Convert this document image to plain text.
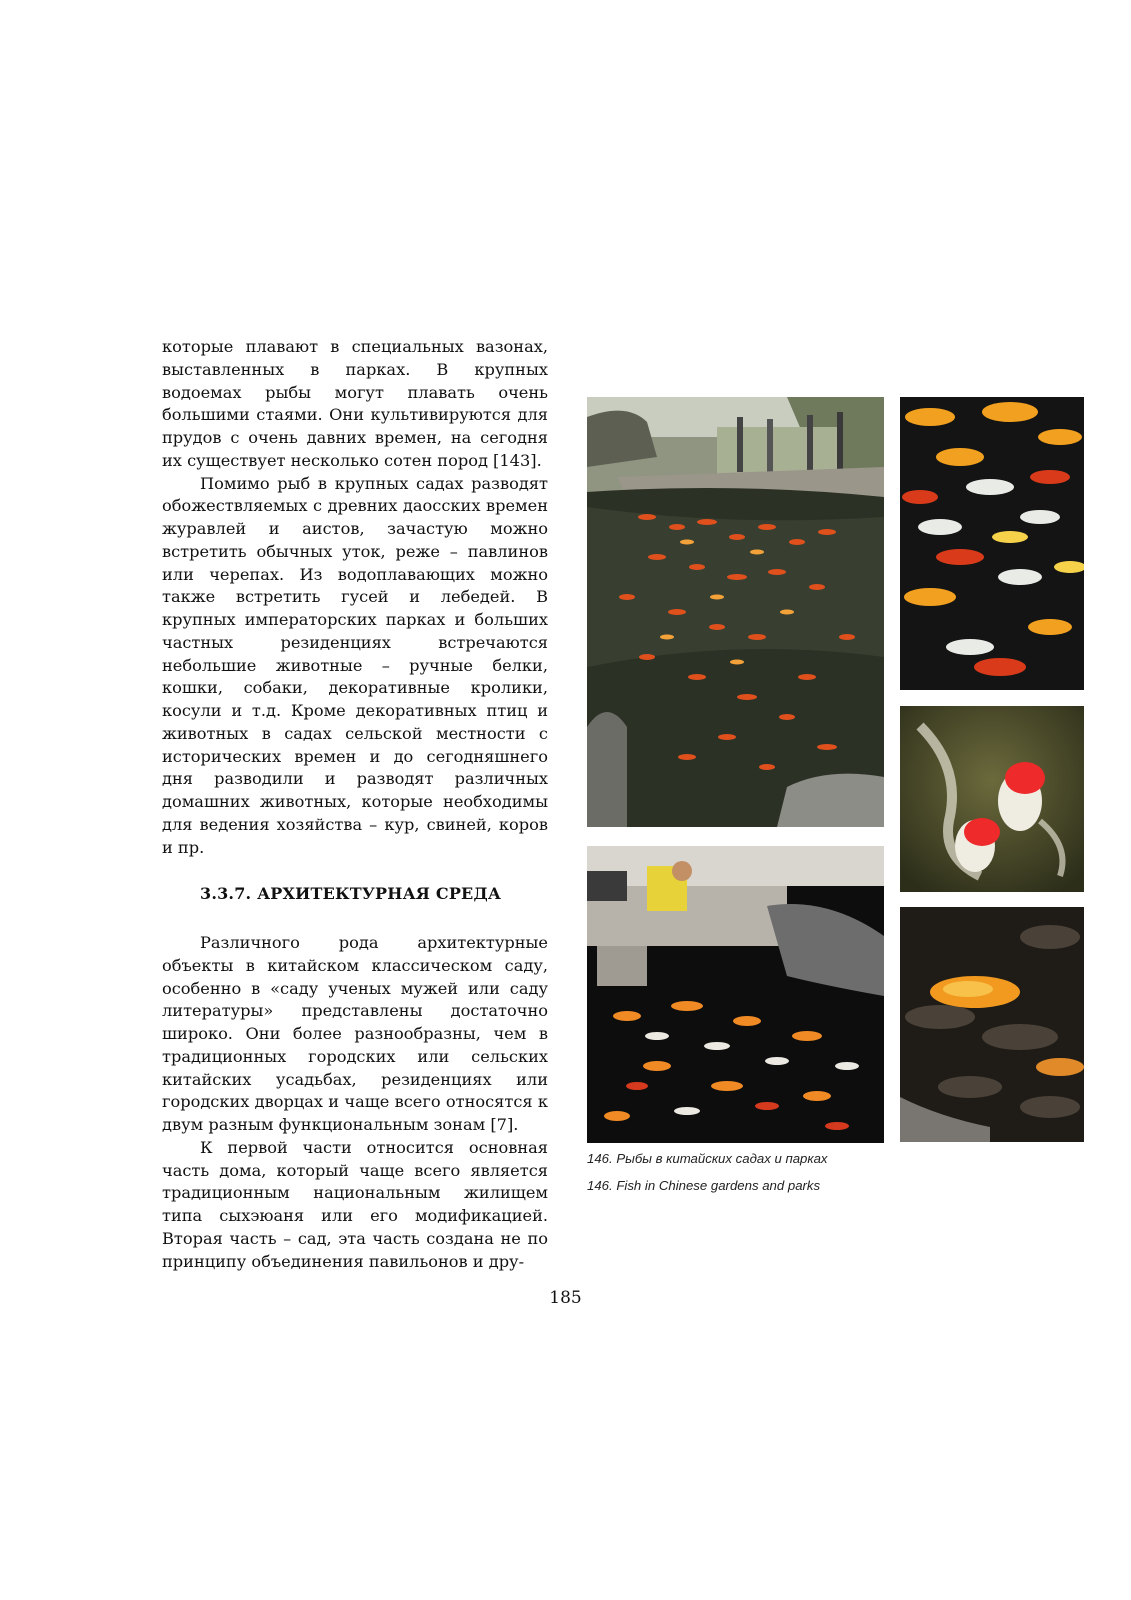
которые плавают в специальных вазонах, выставленных в парках. В крупных водоемах рыбы могут плавать очень большими стаями. Они культивируются для прудов с очень давних времен, на сегодня их существует несколько сотен пород [143].

Помимо рыб в крупных садах разводят обожествляемых с древних даосских времен журавлей и аистов, зачастую можно встретить обычных уток, реже – павлинов или черепах. Из водоплавающих можно также встретить гусей и лебедей. В крупных императорских парках и больших частных резиденциях встречаются небольшие животные – ручные белки, кошки, собаки, декоративные кролики, косули и т.д. Кроме декоративных птиц и животных в садах сельской местности с исторических времен и до сегодняшнего дня разводили и разводят различных домашних животных, которые необходимы для ведения хозяйства – кур, свиней, коров и пр.

3.3.7. АРХИТЕКТУРНАЯ СРЕДА

Различного рода архитектурные объекты в китайском классическом саду, особенно в «саду ученых мужей или саду литературы» представлены достаточно широко. Они более разнообразны, чем в традиционных городских или сельских китайских усадьбах, резиденциях или городских дворцах и чаще всего относятся к двум разным функциональным зонам [7].

К первой части относится основная часть дома, который чаще всего является традиционным национальным жилищем типа сыхэюаня или его модификацией. Вторая часть – сад, эта часть создана не по принципу объединения павильонов и дру-

146. Рыбы в китайских садах и парках
146. Fish in Chinese gardens and parks
185
